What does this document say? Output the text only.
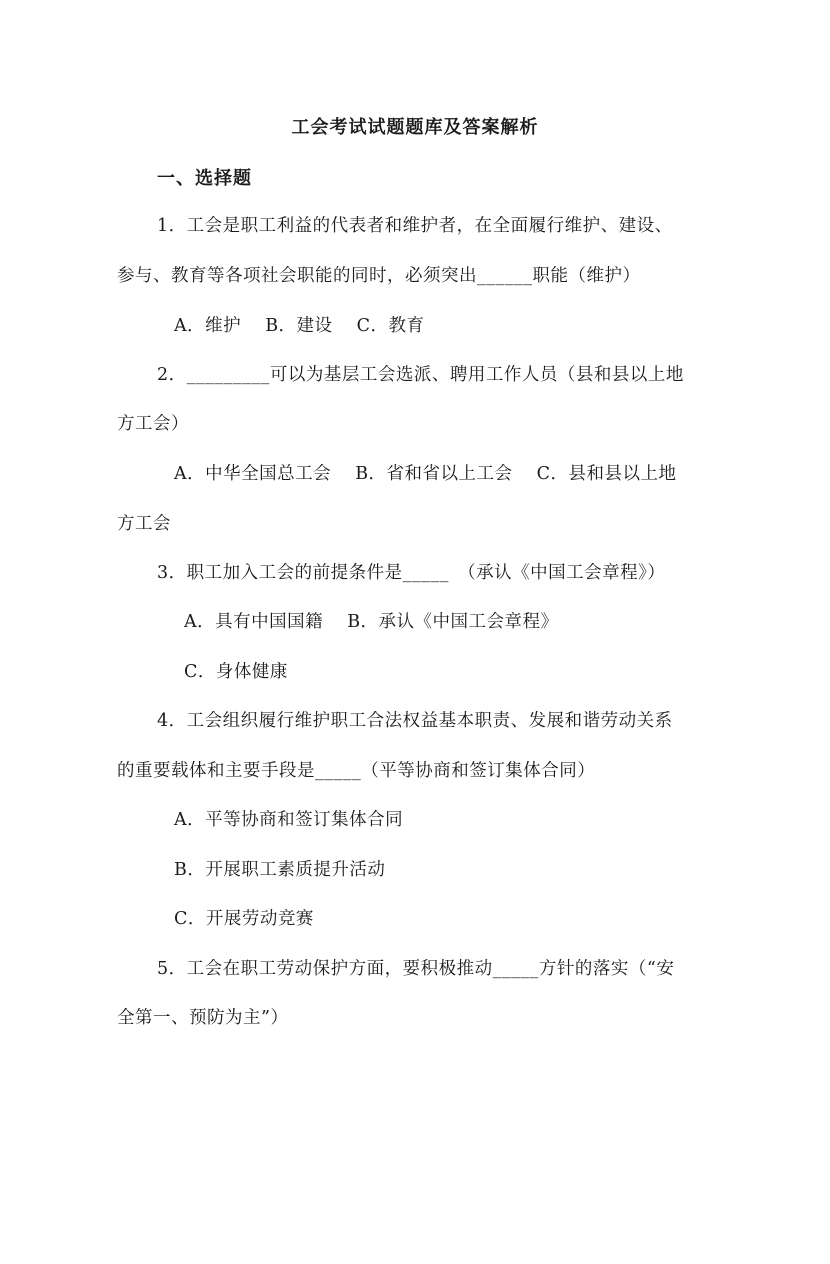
工会考试试题题库及答案解析
一、选择题
1．工会是职工利益的代表者和维护者，在全面履行维护、建设、
参与、教育等各项社会职能的同时，必须突出______职能（维护）
A．维护　 B．建设　 C．教育
2．_________可以为基层工会选派、聘用工作人员（县和县以上地
方工会）
A．中华全国总工会　 B．省和省以上工会　 C．县和县以上地
方工会
3．职工加入工会的前提条件是_____　（承认《中国工会章程》）
A．具有中国国籍　 B．承认《中国工会章程》
C．身体健康
4．工会组织履行维护职工合法权益基本职责、发展和谐劳动关系
的重要载体和主要手段是_____（平等协商和签订集体合同）
A．平等协商和签订集体合同
B．开展职工素质提升活动
C．开展劳动竞赛
5．工会在职工劳动保护方面，要积极推动_____方针的落实（“安
全第一、预防为主”）
